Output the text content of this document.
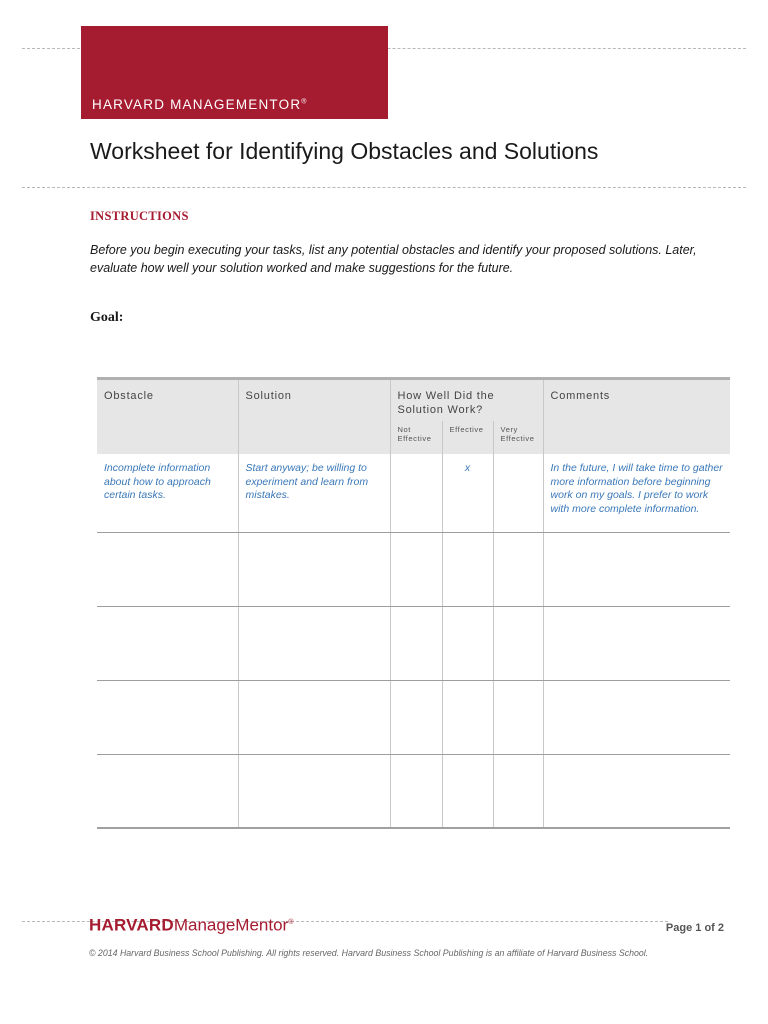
HARVARD MANAGEMENTOR®
Worksheet for Identifying Obstacles and Solutions
INSTRUCTIONS
Before you begin executing your tasks, list any potential obstacles and identify your proposed solutions. Later, evaluate how well your solution worked and make suggestions for the future.
Goal:
Obstacle	Solution	How Well Did the Solution Work?			Comments

		Not Effective	Effective	Very Effective	

Incomplete information about how to approach certain tasks.	Start anyway; be willing to experiment and learn from mistakes.		x		In the future, I will take time to gather more information before beginning work on my goals. I prefer to work with more complete information.

HARVARDManageMentor®	Page 1 of 2
© 2014 Harvard Business School Publishing. All rights reserved. Harvard Business School Publishing is an affiliate of Harvard Business School.
